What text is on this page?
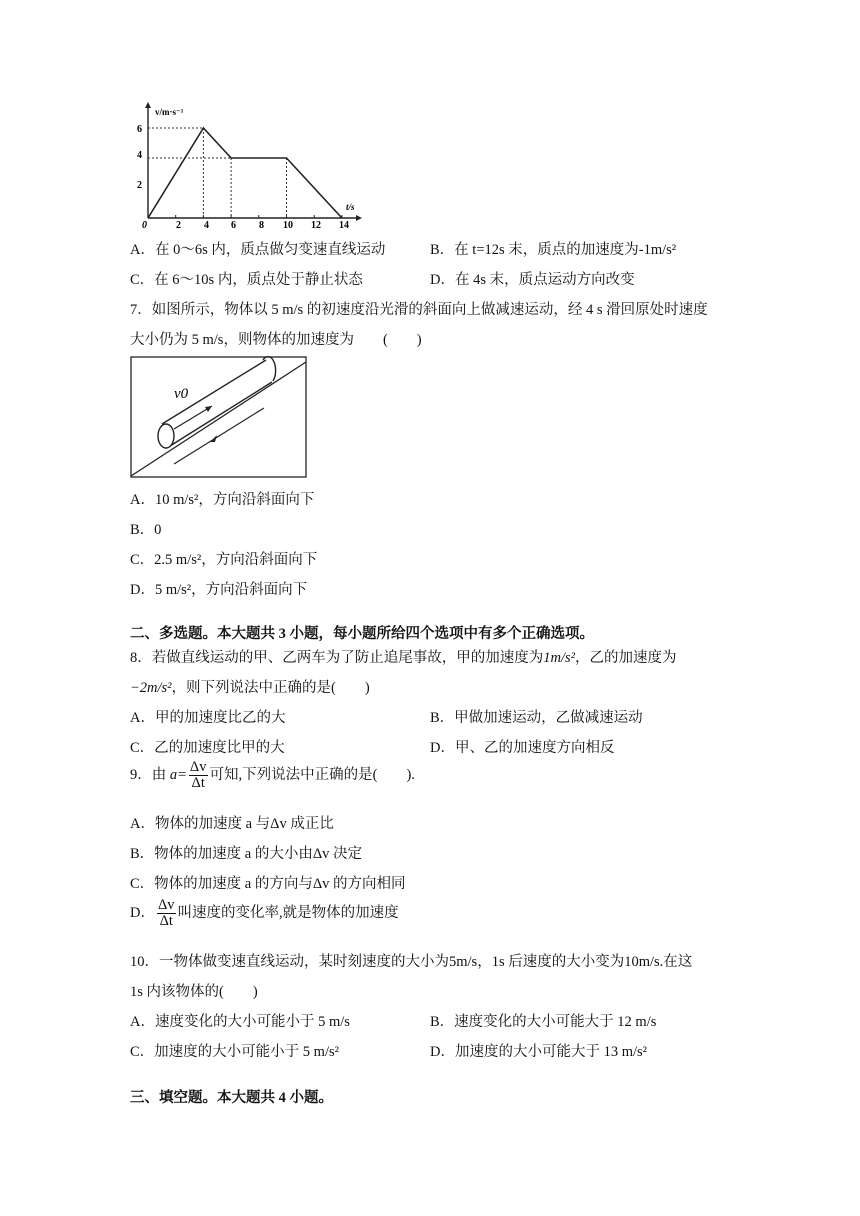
v/m·s⁻¹
t/s
6
4
2
0	2 4 6 8 10 12 14
A．在 0～6s 内，质点做匀变速直线运动	B．在 t=12s 末，质点的加速度为-1m/s²
C．在 6～10s 内，质点处于静止状态	D．在 4s 末，质点运动方向改变
7．如图所示，物体以 5 m/s 的初速度沿光滑的斜面向上做减速运动，经 4 s 滑回原处时速度
大小仍为 5 m/s，则物体的加速度为　　(　　)
v0
A．10 m/s²，方向沿斜面向下
B．0
C．2.5 m/s²，方向沿斜面向下
D．5 m/s²，方向沿斜面向下
二、多选题。本大题共 3 小题，每小题所给四个选项中有多个正确选项。
8．若做直线运动的甲、乙两车为了防止追尾事故，甲的加速度为1m/s²，乙的加速度为
−2m/s²，则下列说法中正确的是(　　)
A．甲的加速度比乙的大	B．甲做加速运动，乙做减速运动
C．乙的加速度比甲的大	D．甲、乙的加速度方向相反
9．由 $a= \frac{\Delta v}{\Delta t}$ 可知,下列说法中正确的是(　　).
A．物体的加速度 a 与Δv 成正比
B．物体的加速度 a 的大小由Δv 决定
C．物体的加速度 a 的方向与Δv 的方向相同
D． $\frac{\Delta v}{\Delta t}$ 叫速度的变化率,就是物体的加速度
10．一物体做变速直线运动，某时刻速度的大小为5m/s，1s 后速度的大小变为10m/s.在这
1s 内该物体的(　　)
A．速度变化的大小可能小于 5 m/s	B．速度变化的大小可能大于 12 m/s
C．加速度的大小可能小于 5 m/s²	D．加速度的大小可能大于 13 m/s²
三、填空题。本大题共 4 小题。
